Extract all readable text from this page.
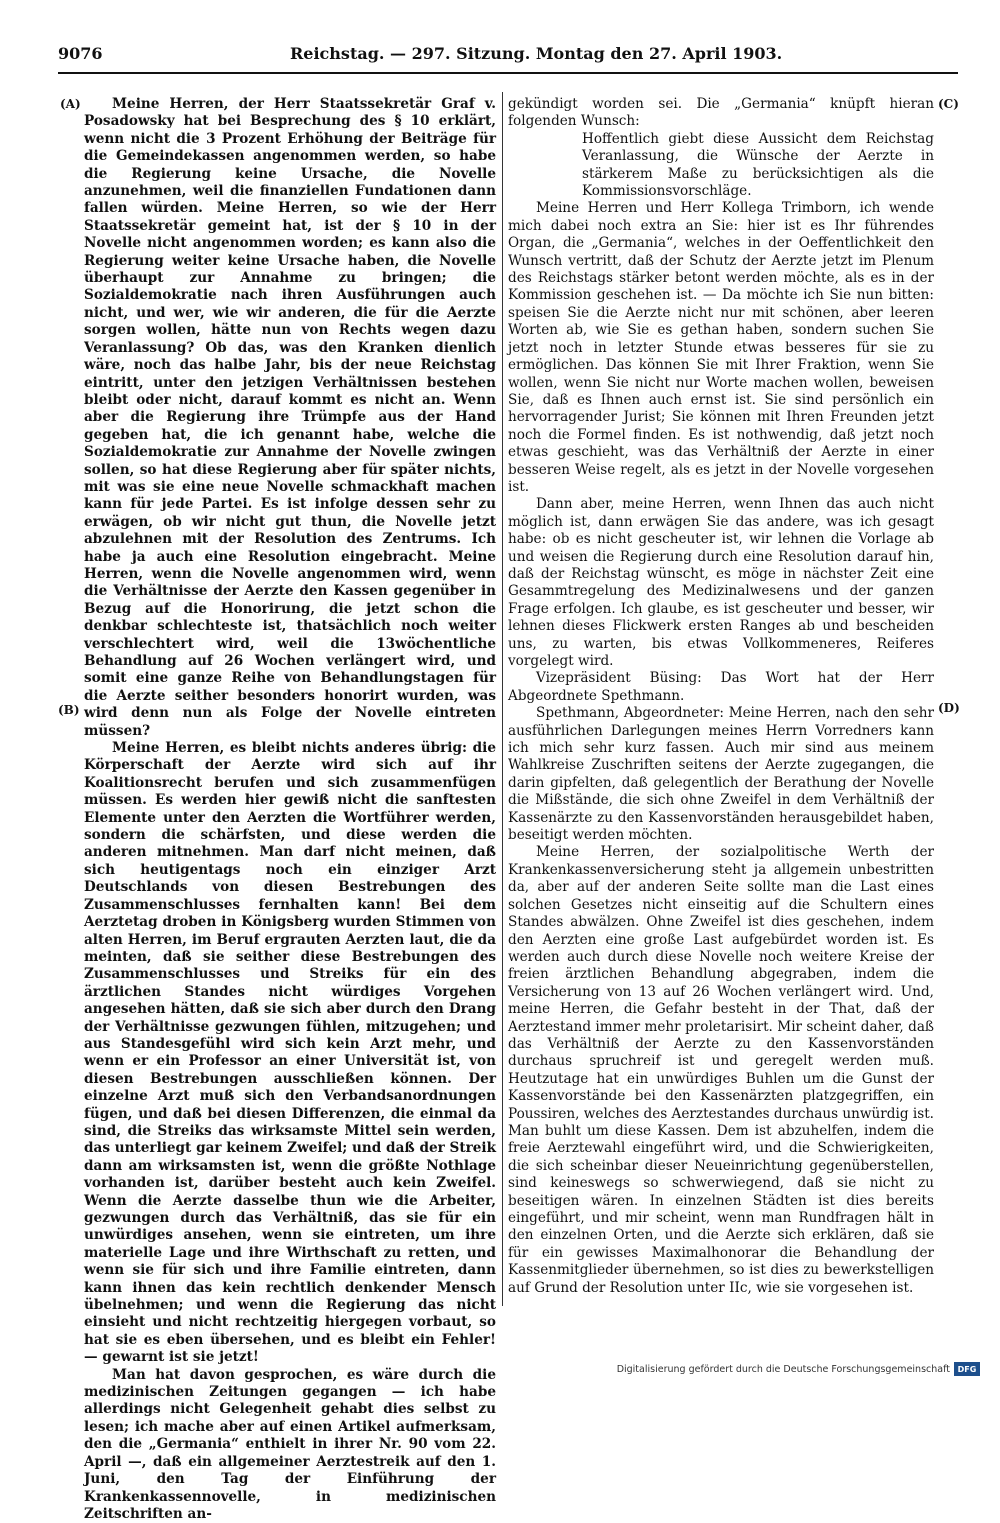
9076	Reichstag. — 297. Sitzung. Montag den 27. April 1903.
(A)
(B)
(C)
(D)

Meine Herren, der Herr Staatssekretär Graf v. Posadowsky hat bei Besprechung des § 10 erklärt, wenn nicht die 3 Prozent Erhöhung der Beiträge für die Gemeindekassen angenommen werden, so habe die Regierung keine Ursache, die Novelle anzunehmen, weil die finanziellen Fundationen dann fallen würden. Meine Herren, so wie der Herr Staatssekretär gemeint hat, ist der § 10 in der Novelle nicht angenommen worden; es kann also die Regierung weiter keine Ursache haben, die Novelle überhaupt zur Annahme zu bringen; die Sozialdemokratie nach ihren Ausführungen auch nicht, und wer, wie wir anderen, die für die Aerzte sorgen wollen, hätte nun von Rechts wegen dazu Veranlassung? Ob das, was den Kranken dienlich wäre, noch das halbe Jahr, bis der neue Reichstag eintritt, unter den jetzigen Verhältnissen bestehen bleibt oder nicht, darauf kommt es nicht an. Wenn aber die Regierung ihre Trümpfe aus der Hand gegeben hat, die ich genannt habe, welche die Sozialdemokratie zur Annahme der Novelle zwingen sollen, so hat diese Regierung aber für später nichts, mit was sie eine neue Novelle schmackhaft machen kann für jede Partei. Es ist infolge dessen sehr zu erwägen, ob wir nicht gut thun, die Novelle jetzt abzulehnen mit der Resolution des Zentrums. Ich habe ja auch eine Resolution eingebracht. Meine Herren, wenn die Novelle angenommen wird, wenn die Verhältnisse der Aerzte den Kassen gegenüber in Bezug auf die Honorirung, die jetzt schon die denkbar schlechteste ist, thatsächlich noch weiter verschlechtert wird, weil die 13wöchentliche Behandlung auf 26 Wochen verlängert wird, und somit eine ganze Reihe von Behandlungstagen für die Aerzte seither besonders honorirt wurden, was wird denn nun als Folge der Novelle eintreten müssen?

Meine Herren, es bleibt nichts anderes übrig: die Körperschaft der Aerzte wird sich auf ihr Koalitionsrecht berufen und sich zusammenfügen müssen. Es werden hier gewiß nicht die sanftesten Elemente unter den Aerzten die Wortführer werden, sondern die schärfsten, und diese werden die anderen mitnehmen. Man darf nicht meinen, daß sich heutigentags noch ein einziger Arzt Deutschlands von diesen Bestrebungen des Zusammenschlusses fernhalten kann! Bei dem Aerztetag droben in Königsberg wurden Stimmen von alten Herren, im Beruf ergrauten Aerzten laut, die da meinten, daß sie seither diese Bestrebungen des Zusammenschlusses und Streiks für ein des ärztlichen Standes nicht würdiges Vorgehen angesehen hätten, daß sie sich aber durch den Drang der Verhältnisse gezwungen fühlen, mitzugehen; und aus Standesgefühl wird sich kein Arzt mehr, und wenn er ein Professor an einer Universität ist, von diesen Bestrebungen ausschließen können. Der einzelne Arzt muß sich den Verbandsanordnungen fügen, und daß bei diesen Differenzen, die einmal da sind, die Streiks das wirksamste Mittel sein werden, das unterliegt gar keinem Zweifel; und daß der Streik dann am wirksamsten ist, wenn die größte Nothlage vorhanden ist, darüber besteht auch kein Zweifel. Wenn die Aerzte dasselbe thun wie die Arbeiter, gezwungen durch das Verhältniß, das sie für ein unwürdiges ansehen, wenn sie eintreten, um ihre materielle Lage und ihre Wirthschaft zu retten, und wenn sie für sich und ihre Familie eintreten, dann kann ihnen das kein rechtlich denkender Mensch übelnehmen; und wenn die Regierung das nicht einsieht und nicht rechtzeitig hiergegen vorbaut, so hat sie es eben übersehen, und es bleibt ein Fehler! — gewarnt ist sie jetzt!

Man hat davon gesprochen, es wäre durch die medizinischen Zeitungen gegangen — ich habe allerdings nicht Gelegenheit gehabt dies selbst zu lesen; ich mache aber auf einen Artikel aufmerksam, den die „Germania“ enthielt in ihrer Nr. 90 vom 22. April —, daß ein allgemeiner Aerztestreik auf den 1. Juni, den Tag der Einführung der Krankenkassennovelle, in medizinischen Zeitschriften an-

gekündigt worden sei. Die „Germania“ knüpft hieran folgenden Wunsch:

Hoffentlich giebt diese Aussicht dem Reichstag Veranlassung, die Wünsche der Aerzte in stärkerem Maße zu berücksichtigen als die Kommissionsvorschläge.

Meine Herren und Herr Kollega Trimborn, ich wende mich dabei noch extra an Sie: hier ist es Ihr führendes Organ, die „Germania“, welches in der Oeffentlichkeit den Wunsch vertritt, daß der Schutz der Aerzte jetzt im Plenum des Reichstags stärker betont werden möchte, als es in der Kommission geschehen ist. — Da möchte ich Sie nun bitten: speisen Sie die Aerzte nicht nur mit schönen, aber leeren Worten ab, wie Sie es gethan haben, sondern suchen Sie jetzt noch in letzter Stunde etwas besseres für sie zu ermöglichen. Das können Sie mit Ihrer Fraktion, wenn Sie wollen, wenn Sie nicht nur Worte machen wollen, beweisen Sie, daß es Ihnen auch ernst ist. Sie sind persönlich ein hervorragender Jurist; Sie können mit Ihren Freunden jetzt noch die Formel finden. Es ist nothwendig, daß jetzt noch etwas geschieht, was das Verhältniß der Aerzte in einer besseren Weise regelt, als es jetzt in der Novelle vorgesehen ist.

Dann aber, meine Herren, wenn Ihnen das auch nicht möglich ist, dann erwägen Sie das andere, was ich gesagt habe: ob es nicht gescheuter ist, wir lehnen die Vorlage ab und weisen die Regierung durch eine Resolution darauf hin, daß der Reichstag wünscht, es möge in nächster Zeit eine Gesammtregelung des Medizinalwesens und der ganzen Frage erfolgen. Ich glaube, es ist gescheuter und besser, wir lehnen dieses Flickwerk ersten Ranges ab und bescheiden uns, zu warten, bis etwas Vollkommeneres, Reiferes vorgelegt wird.

Vizepräsident Büsing: Das Wort hat der Herr Abgeordnete Spethmann.

Spethmann, Abgeordneter: Meine Herren, nach den sehr ausführlichen Darlegungen meines Herrn Vorredners kann ich mich sehr kurz fassen. Auch mir sind aus meinem Wahlkreise Zuschriften seitens der Aerzte zugegangen, die darin gipfelten, daß gelegentlich der Berathung der Novelle die Mißstände, die sich ohne Zweifel in dem Verhältniß der Kassenärzte zu den Kassenvorständen herausgebildet haben, beseitigt werden möchten.

Meine Herren, der sozialpolitische Werth der Krankenkassenversicherung steht ja allgemein unbestritten da, aber auf der anderen Seite sollte man die Last eines solchen Gesetzes nicht einseitig auf die Schultern eines Standes abwälzen. Ohne Zweifel ist dies geschehen, indem den Aerzten eine große Last aufgebürdet worden ist. Es werden auch durch diese Novelle noch weitere Kreise der freien ärztlichen Behandlung abgegraben, indem die Versicherung von 13 auf 26 Wochen verlängert wird. Und, meine Herren, die Gefahr besteht in der That, daß der Aerztestand immer mehr proletarisirt. Mir scheint daher, daß das Verhältniß der Aerzte zu den Kassenvorständen durchaus spruchreif ist und geregelt werden muß. Heutzutage hat ein unwürdiges Buhlen um die Gunst der Kassenvorstände bei den Kassenärzten platzgegriffen, ein Poussiren, welches des Aerztestandes durchaus unwürdig ist. Man buhlt um diese Kassen. Dem ist abzuhelfen, indem die freie Aerztewahl eingeführt wird, und die Schwierigkeiten, die sich scheinbar dieser Neueinrichtung gegenüberstellen, sind keineswegs so schwerwiegend, daß sie nicht zu beseitigen wären. In einzelnen Städten ist dies bereits eingeführt, und mir scheint, wenn man Rundfragen hält in den einzelnen Orten, und die Aerzte sich erklären, daß sie für ein gewisses Maximalhonorar die Behandlung der Kassenmitglieder übernehmen, so ist dies zu bewerkstelligen auf Grund der Resolution unter IIc, wie sie vorgesehen ist.

Digitalisierung gefördert durch die Deutsche Forschungsgemeinschaft DFG
